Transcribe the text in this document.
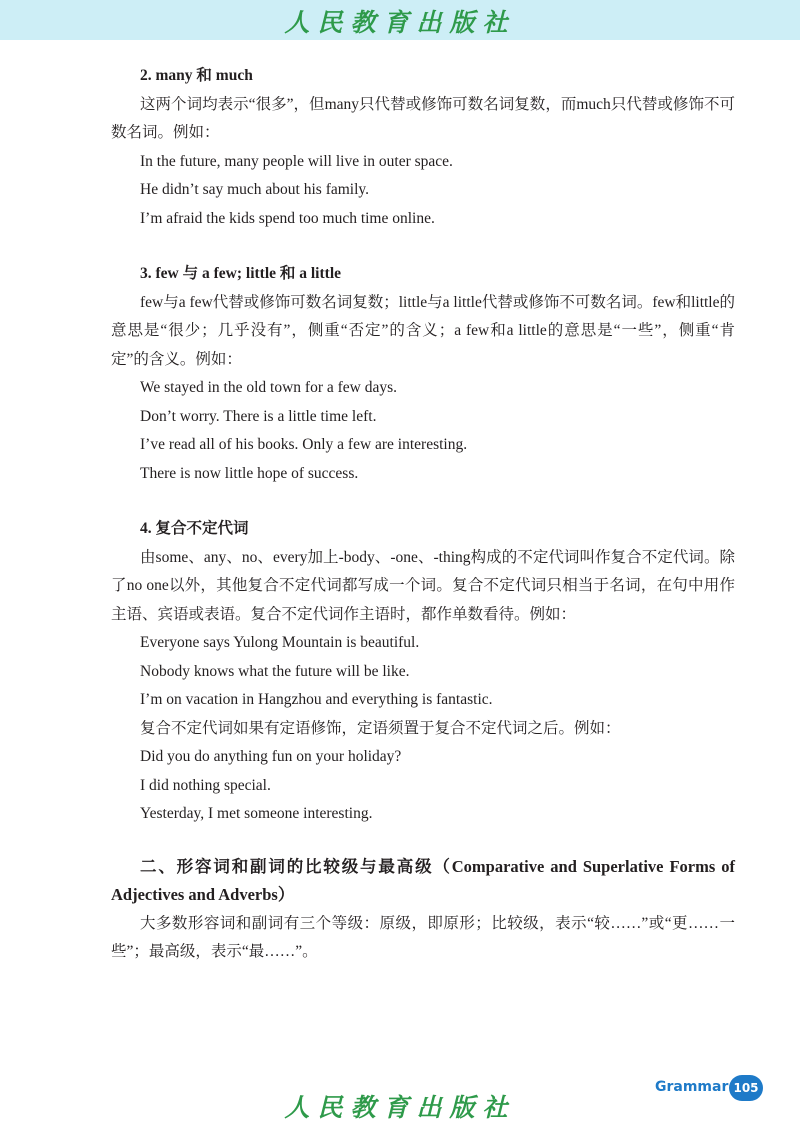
人民教育出版社

2. many 和 much

这两个词均表示“很多”，但many只代替或修饰可数名词复数，而much只代替或修饰不可数名词。例如：

In the future, many people will live in outer space.

He didn’t say much about his family.

I’m afraid the kids spend too much time online.

3. few 与 a few; little 和 a little

few与a few代替或修饰可数名词复数；little与a little代替或修饰不可数名词。few和little的意思是“很少；几乎没有”，侧重“否定”的含义；a few和a little的意思是“一些”，侧重“肯定”的含义。例如：

We stayed in the old town for a few days.

Don’t worry. There is a little time left.

I’ve read all of his books. Only a few are interesting.

There is now little hope of success.

4. 复合不定代词

由some、any、no、every加上-body、-one、-thing构成的不定代词叫作复合不定代词。除了no one以外，其他复合不定代词都写成一个词。复合不定代词只相当于名词，在句中用作主语、宾语或表语。复合不定代词作主语时，都作单数看待。例如：

Everyone says Yulong Mountain is beautiful.

Nobody knows what the future will be like.

I’m on vacation in Hangzhou and everything is fantastic.

复合不定代词如果有定语修饰，定语须置于复合不定代词之后。例如：

Did you do anything fun on your holiday?

I did nothing special.

Yesterday, I met someone interesting.

二、形容词和副词的比较级与最高级（Comparative and Superlative Forms of Adjectives and Adverbs）

大多数形容词和副词有三个等级：原级，即原形；比较级，表示“较……”或“更……一些”；最高级，表示“最……”。

Grammar 105
人民教育出版社
